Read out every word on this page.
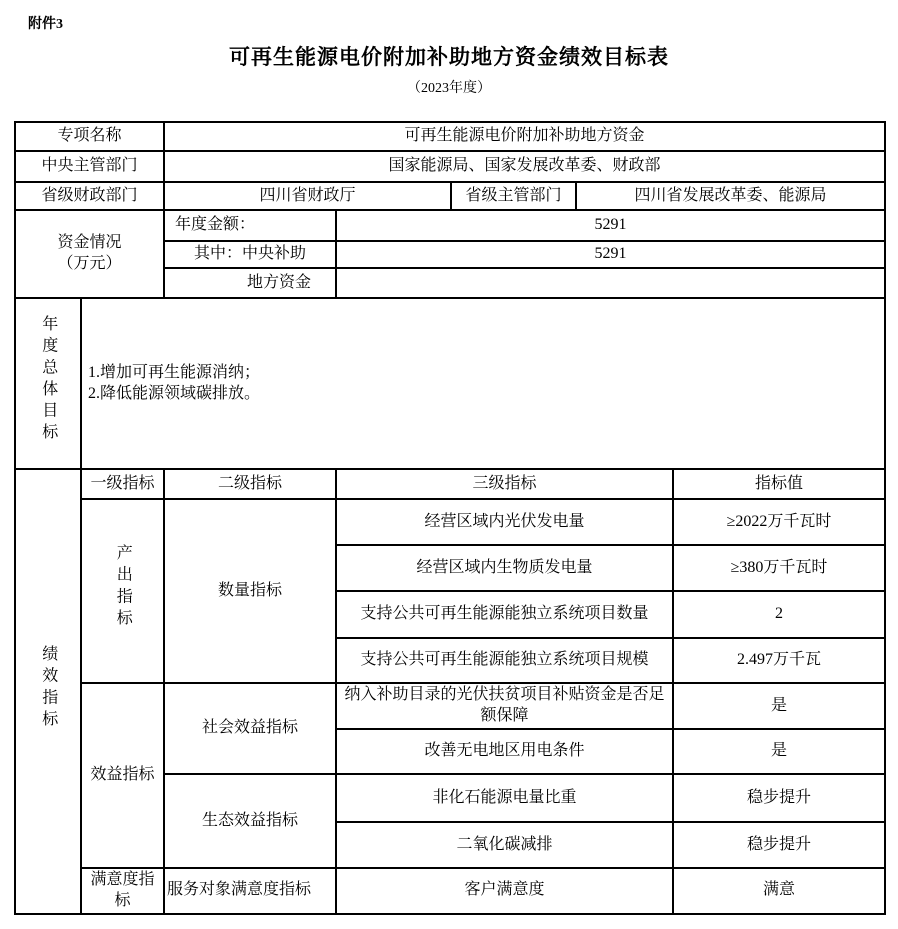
附件3
可再生能源电价附加补助地方资金绩效目标表
（2023年度）
专项名称		可再生能源电价附加补助地方资金				
中央主管部门		国家能源局、国家发展改革委、财政部				
省级财政部门		四川省财政厅		省级主管部门	四川省发展改革委、能源局	

资金情况
（万元）		年度金额：	5291			
		其中：中央补助	5291			
		地方资金				
年度总体目标	1.增加可再生能源消纳；
2.降低能源领域碳排放。					

绩效指标	一级指标	二级指标	三级指标			指标值
	产出指标	数量指标	经营区域内光伏发电量			≥2022万千瓦时
			经营区域内生物质发电量			≥380万千瓦时
			支持公共可再生能源能独立系统项目数量			2
			支持公共可再生能源能独立系统项目规模			2.497万千瓦
	效益指标	社会效益指标	纳入补助目录的光伏扶贫项目补贴资金是否足额保障			是
			改善无电地区用电条件			是
		生态效益指标	非化石能源电量比重			稳步提升
			二氧化碳减排			稳步提升
	满意度指标	服务对象满意度指标	客户满意度			满意
